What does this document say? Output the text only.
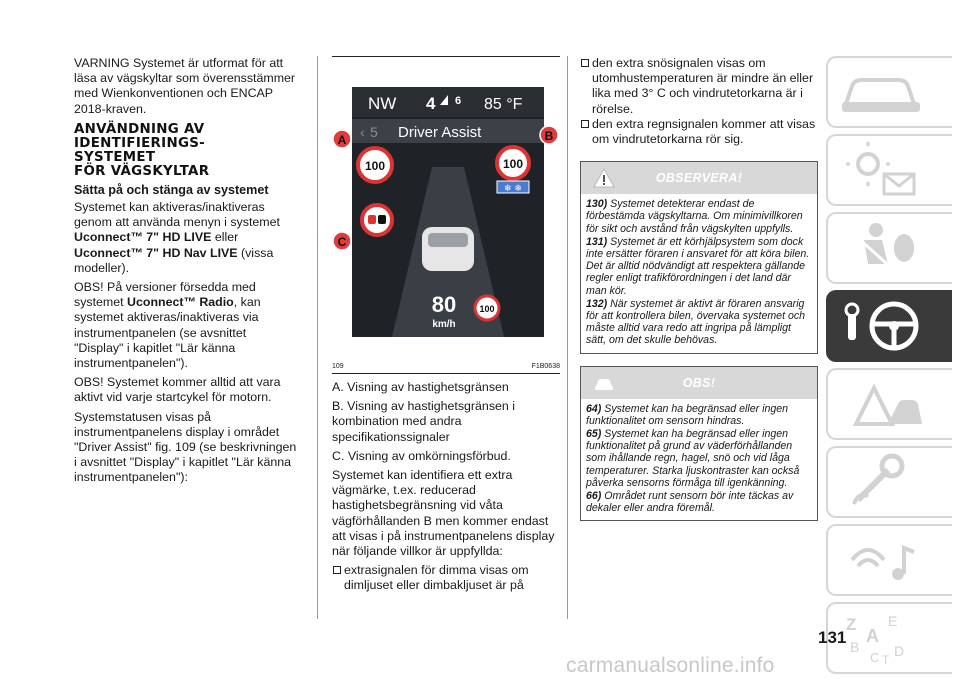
VARNING Systemet är utformat för att läsa av vägskyltar som överensstämmer med Wienkonventionen och ENCAP 2018-kraven.

ANVÄNDNING AV
IDENTIFIERINGS-
SYSTEMET
FÖR VÄGSKYLTAR
Sätta på och stänga av systemet

Systemet kan aktiveras/inaktiveras genom att använda menyn i systemet Uconnect™ 7" HD LIVE eller Uconnect™ 7" HD Nav LIVE (vissa modeller).

OBS! På versioner försedda med systemet Uconnect™ Radio, kan systemet aktiveras/inaktiveras via instrumentpanelen (se avsnittet "Display" i kapitlet "Lär känna instrumentpanelen").

OBS! Systemet kommer alltid att vara aktivt vid varje startcykel för motorn.

Systemstatusen visas på instrumentpanelens display i området "Driver Assist" fig. 109 (se beskrivningen i avsnittet "Display" i kapitlet "Lär känna instrumentpanelen"):

NW 4 6 85 °F
‹ 5 Driver Assist
100	100
❄ ❄
80
km/h
100
A	B
C
109	F1B0638

A. Visning av hastighetsgränsen

B. Visning av hastighetsgränsen i kombination med andra specifikationssignaler

C. Visning av omkörningsförbud.

Systemet kan identifiera ett extra vägmärke, t.ex. reducerad hastighetsbegränsning vid våta vägförhållanden B men kommer endast att visas i på instrumentpanelens display när följande villkor är uppfyllda:

extrasignalen för dimma visas om dimljuset eller dimbakljuset är på
den extra snösignalen visas om utomhustemperaturen är mindre än eller lika med 3° C och vindrutetorkarna är i rörelse.
den extra regnsignalen kommer att visas om vindrutetorkarna rör sig.
OBSERVERA!
130) Systemet detekterar endast de förbestämda vägskyltarna. Om minimivillkoren för sikt och avstånd från vägskylten uppfylls.
131) Systemet är ett körhjälpsystem som dock inte ersätter föraren i ansvaret för att köra bilen. Det är alltid nödvändigt att respektera gällande regler enligt trafikförordningen i det land där man kör.
132) När systemet är aktivt är föraren ansvarig för att kontrollera bilen, övervaka systemet och måste alltid vara redo att ingripa på lämpligt sätt, om det skulle behövas.
OBS!
64) Systemet kan ha begränsad eller ingen funktionalitet om sensorn hindras.
65) Systemet kan ha begränsad eller ingen funktionalitet på grund av väderförhållanden som ihållande regn, hagel, snö och vid låga temperaturer. Starka ljuskontraster kan också påverka sensorns förmåga till igenkänning.
66) Området runt sensorn bör inte täckas av dekaler eller andra föremål.
Z E
B
C D
A
T
131
carmanualsonline.info
